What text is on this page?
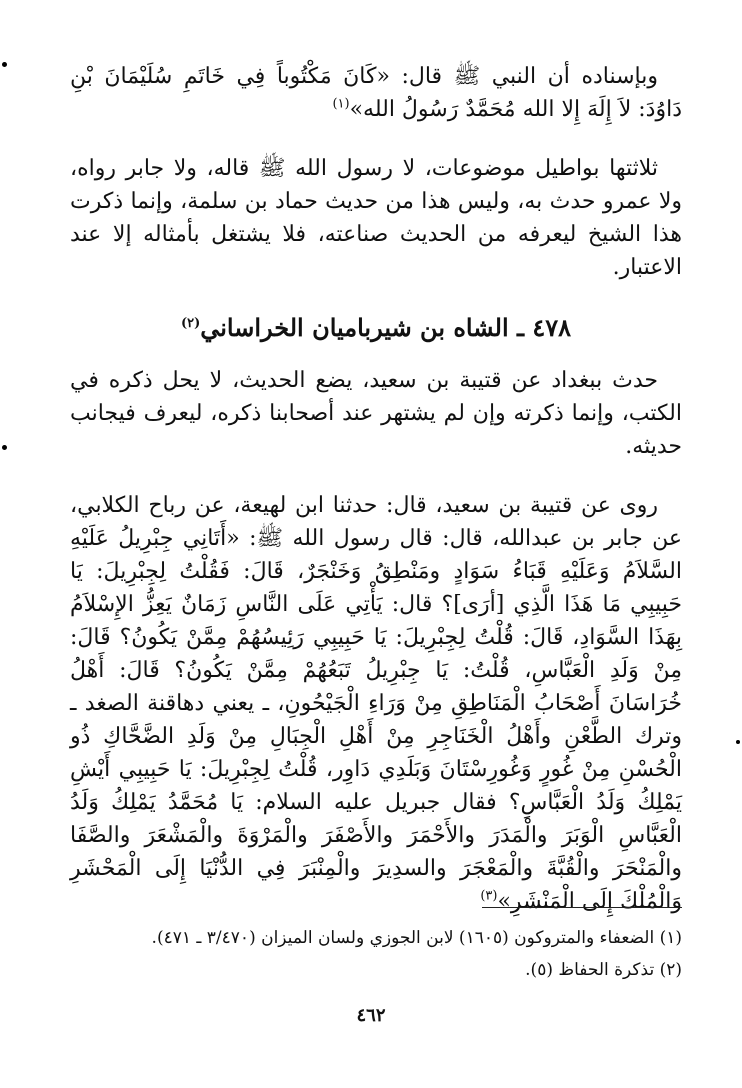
وبإسناده أن النبي ﷺ قال: «كَانَ مَكْتُوباً فِي خَاتَمِ سُلَيْمَانَ بْنِ دَاوُدَ: لاَ إِلَهَ إِلا الله مُحَمَّدٌ رَسُولُ الله»$^{(١)}$

ثلاثتها بواطيل موضوعات، لا رسول الله ﷺ قاله، ولا جابر رواه، ولا عمرو حدث به، وليس هذا من حديث حماد بن سلمة، وإنما ذكرت هذا الشيخ ليعرفه من الحديث صناعته، فلا يشتغل بأمثاله إلا عند الاعتبار.

٤٧٨ ـ الشاه بن شيرباميان الخراساني$^{(٢)}$

حدث ببغداد عن قتيبة بن سعيد، يضع الحديث، لا يحل ذكره في الكتب، وإنما ذكرته وإن لم يشتهر عند أصحابنا ذكره، ليعرف فيجانب حديثه.

روى عن قتيبة بن سعيد، قال: حدثنا ابن لهيعة، عن رباح الكلابي، عن جابر بن عبدالله، قال: قال رسول الله ﷺ: «أَتَانِي جِبْرِيلُ عَلَيْهِ السَّلاَمُ وَعَلَيْهِ قَبَاءُ سَوَادٍ ومَنْطِقُ وَخَنْجَرٌ، قَالَ: فَقُلْتُ لِجِبْرِيلَ: يَا حَبِيبِي مَا هَذَا الَّذِي [أرَى]؟ قال: يَأْتِي عَلَى النَّاسِ زَمَانٌ يَعِزُّ الإِسْلاَمُ بِهَذَا السَّوَادِ، قَالَ: قُلْتُ لِجِبْرِيلَ: يَا حَبِيبِي رَئِيسُهُمْ مِمَّنْ يَكُونُ؟ قَالَ: مِنْ وَلَدِ الْعَبَّاسِ، قُلْتُ: يَا جِبْرِيلُ تَبَعُهُمْ مِمَّنْ يَكُونُ؟ قَالَ: أَهْلُ خُرَاسَانَ أَصْحَابُ الْمَنَاطِقِ مِنْ وَرَاءِ الْجَيْحُونِ، ـ يعني دهاقنة الصغد ـ وترك الطَّعْنِ وأَهْلُ الْخَنَاجِرِ مِنْ أَهْلِ الْجِبَالِ مِنْ وَلَدِ الضَّحَّاكِ ذُو الْحُسْنِ مِنْ غُورٍ وَغُورِسْتَانَ وَبَلَدِي دَاوِر، قُلْتُ لِجِبْرِيلَ: يَا حَبِيبِي أَيْشِ يَمْلِكُ وَلَدُ الْعَبَّاسِ؟ فقال جبريل عليه السلام: يَا مُحَمَّدُ يَمْلِكُ وَلَدُ الْعَبَّاسِ الْوَبَرَ والْمَدَرَ والأَحْمَرَ والأَصْفَرَ والْمَرْوَةَ والْمَشْعَرَ والصَّفَا والْمَنْحَرَ والْقُبَّةَ والْمَعْجَرَ والسدِيرَ والْمِنْبَرَ فِي الدُّنْيَا إِلَى الْمَحْشَرِ وَالْمُلْكَ إِلَى الْمَنْشَرِ»$^{(٣)}$

(١) الضعفاء والمتروكون (١٦٠٥) لابن الجوزي ولسان الميزان (٣/٤٧٠ ـ ٤٧١).

(٢) تذكرة الحفاظ (٥).

٤٦٢
